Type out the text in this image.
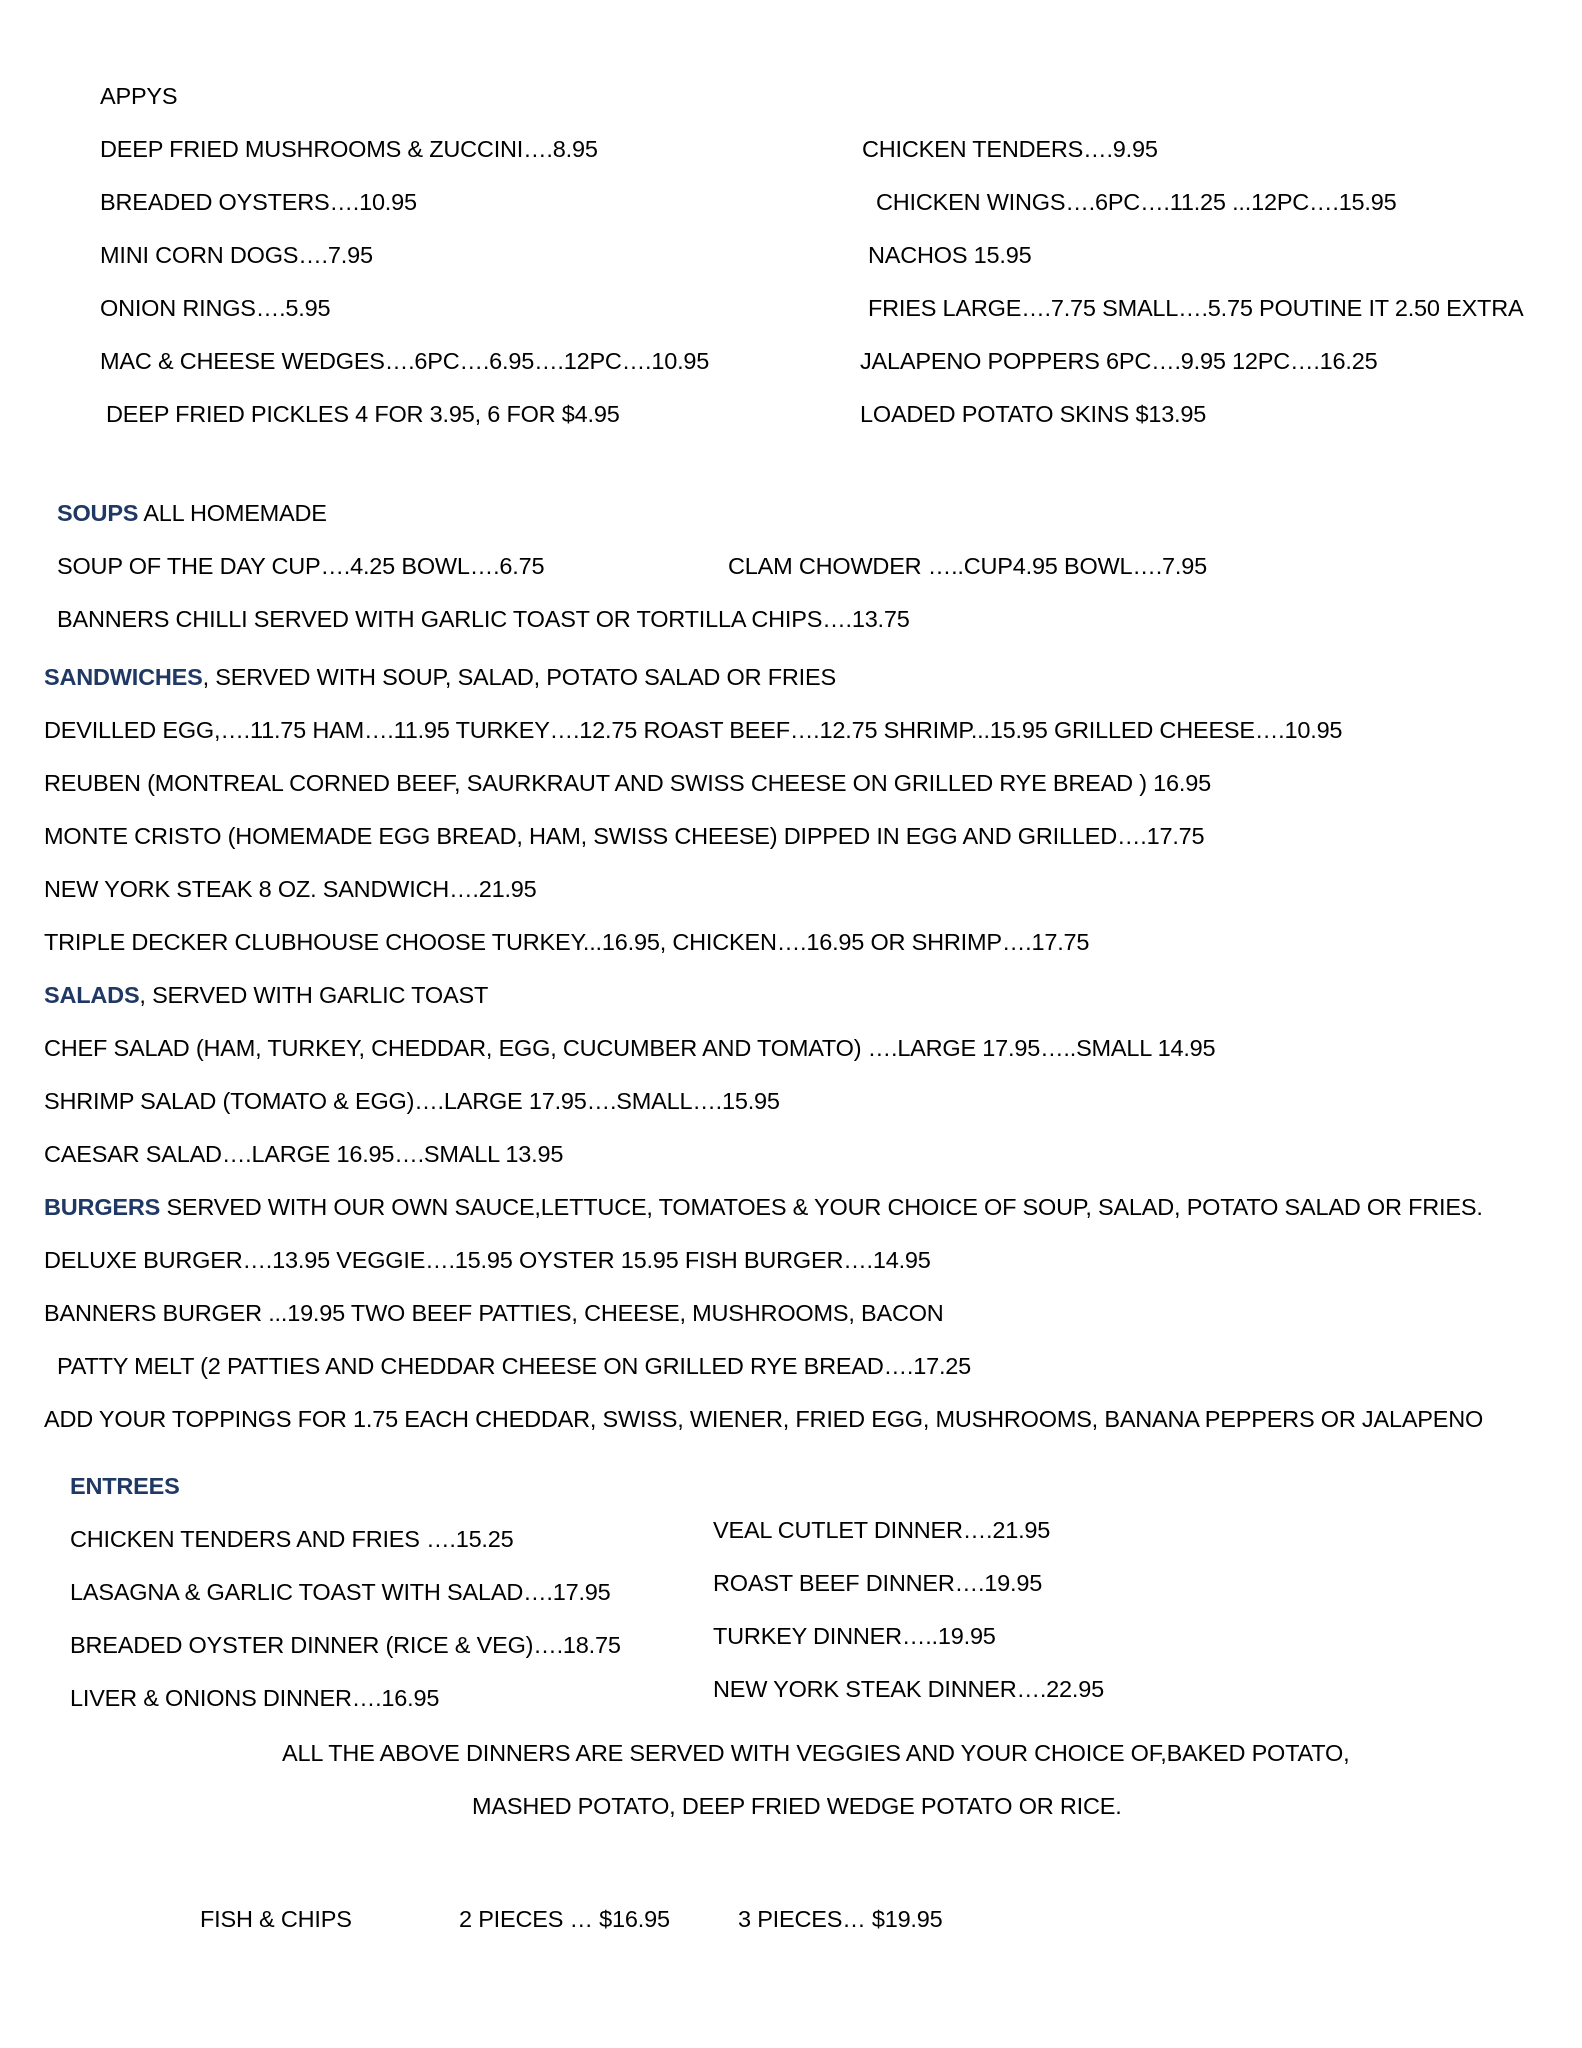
APPYS
DEEP FRIED MUSHROOMS & ZUCCINI….8.95
BREADED OYSTERS….10.95
MINI CORN DOGS….7.95
ONION RINGS….5.95
MAC & CHEESE WEDGES….6PC….6.95….12PC….10.95
DEEP FRIED PICKLES 4 FOR 3.95, 6 FOR $4.95
CHICKEN TENDERS….9.95
CHICKEN WINGS….6PC….11.25 ...12PC….15.95
NACHOS 15.95
FRIES LARGE….7.75 SMALL….5.75 POUTINE IT 2.50 EXTRA
JALAPENO POPPERS 6PC….9.95 12PC….16.25
LOADED POTATO SKINS $13.95
SOUPS ALL HOMEMADE
SOUP OF THE DAY CUP….4.25 BOWL….6.75	CLAM CHOWDER …..CUP4.95 BOWL….7.95
BANNERS CHILLI SERVED WITH GARLIC TOAST OR TORTILLA CHIPS….13.75
SANDWICHES, SERVED WITH SOUP, SALAD, POTATO SALAD OR FRIES
DEVILLED EGG,….11.75 HAM….11.95 TURKEY….12.75 ROAST BEEF….12.75 SHRIMP...15.95 GRILLED CHEESE….10.95
REUBEN (MONTREAL CORNED BEEF, SAURKRAUT AND SWISS CHEESE ON GRILLED RYE BREAD ) 16.95
MONTE CRISTO (HOMEMADE EGG BREAD, HAM, SWISS CHEESE) DIPPED IN EGG AND GRILLED….17.75
NEW YORK STEAK 8 OZ. SANDWICH….21.95
TRIPLE DECKER CLUBHOUSE CHOOSE TURKEY...16.95, CHICKEN….16.95 OR SHRIMP….17.75
SALADS, SERVED WITH GARLIC TOAST
CHEF SALAD (HAM, TURKEY, CHEDDAR, EGG, CUCUMBER AND TOMATO) ….LARGE 17.95…..SMALL 14.95
SHRIMP SALAD (TOMATO & EGG)….LARGE 17.95….SMALL….15.95
CAESAR SALAD….LARGE 16.95….SMALL 13.95
BURGERS SERVED WITH OUR OWN SAUCE,LETTUCE, TOMATOES & YOUR CHOICE OF SOUP, SALAD, POTATO SALAD OR FRIES.
DELUXE BURGER….13.95 VEGGIE….15.95 OYSTER 15.95 FISH BURGER….14.95
BANNERS BURGER ...19.95 TWO BEEF PATTIES, CHEESE, MUSHROOMS, BACON
PATTY MELT (2 PATTIES AND CHEDDAR CHEESE ON GRILLED RYE BREAD….17.25
ADD YOUR TOPPINGS FOR 1.75 EACH CHEDDAR, SWISS, WIENER, FRIED EGG, MUSHROOMS, BANANA PEPPERS OR JALAPENO
ENTREES
CHICKEN TENDERS AND FRIES ….15.25
LASAGNA & GARLIC TOAST WITH SALAD….17.95
BREADED OYSTER DINNER (RICE & VEG)….18.75
LIVER & ONIONS DINNER….16.95
VEAL CUTLET DINNER….21.95
ROAST BEEF DINNER….19.95
TURKEY DINNER…..19.95
NEW YORK STEAK DINNER….22.95
ALL THE ABOVE DINNERS ARE SERVED WITH VEGGIES AND YOUR CHOICE OF,BAKED POTATO,
MASHED POTATO, DEEP FRIED WEDGE POTATO OR RICE.
FISH & CHIPS	2 PIECES … $16.95	3 PIECES… $19.95
